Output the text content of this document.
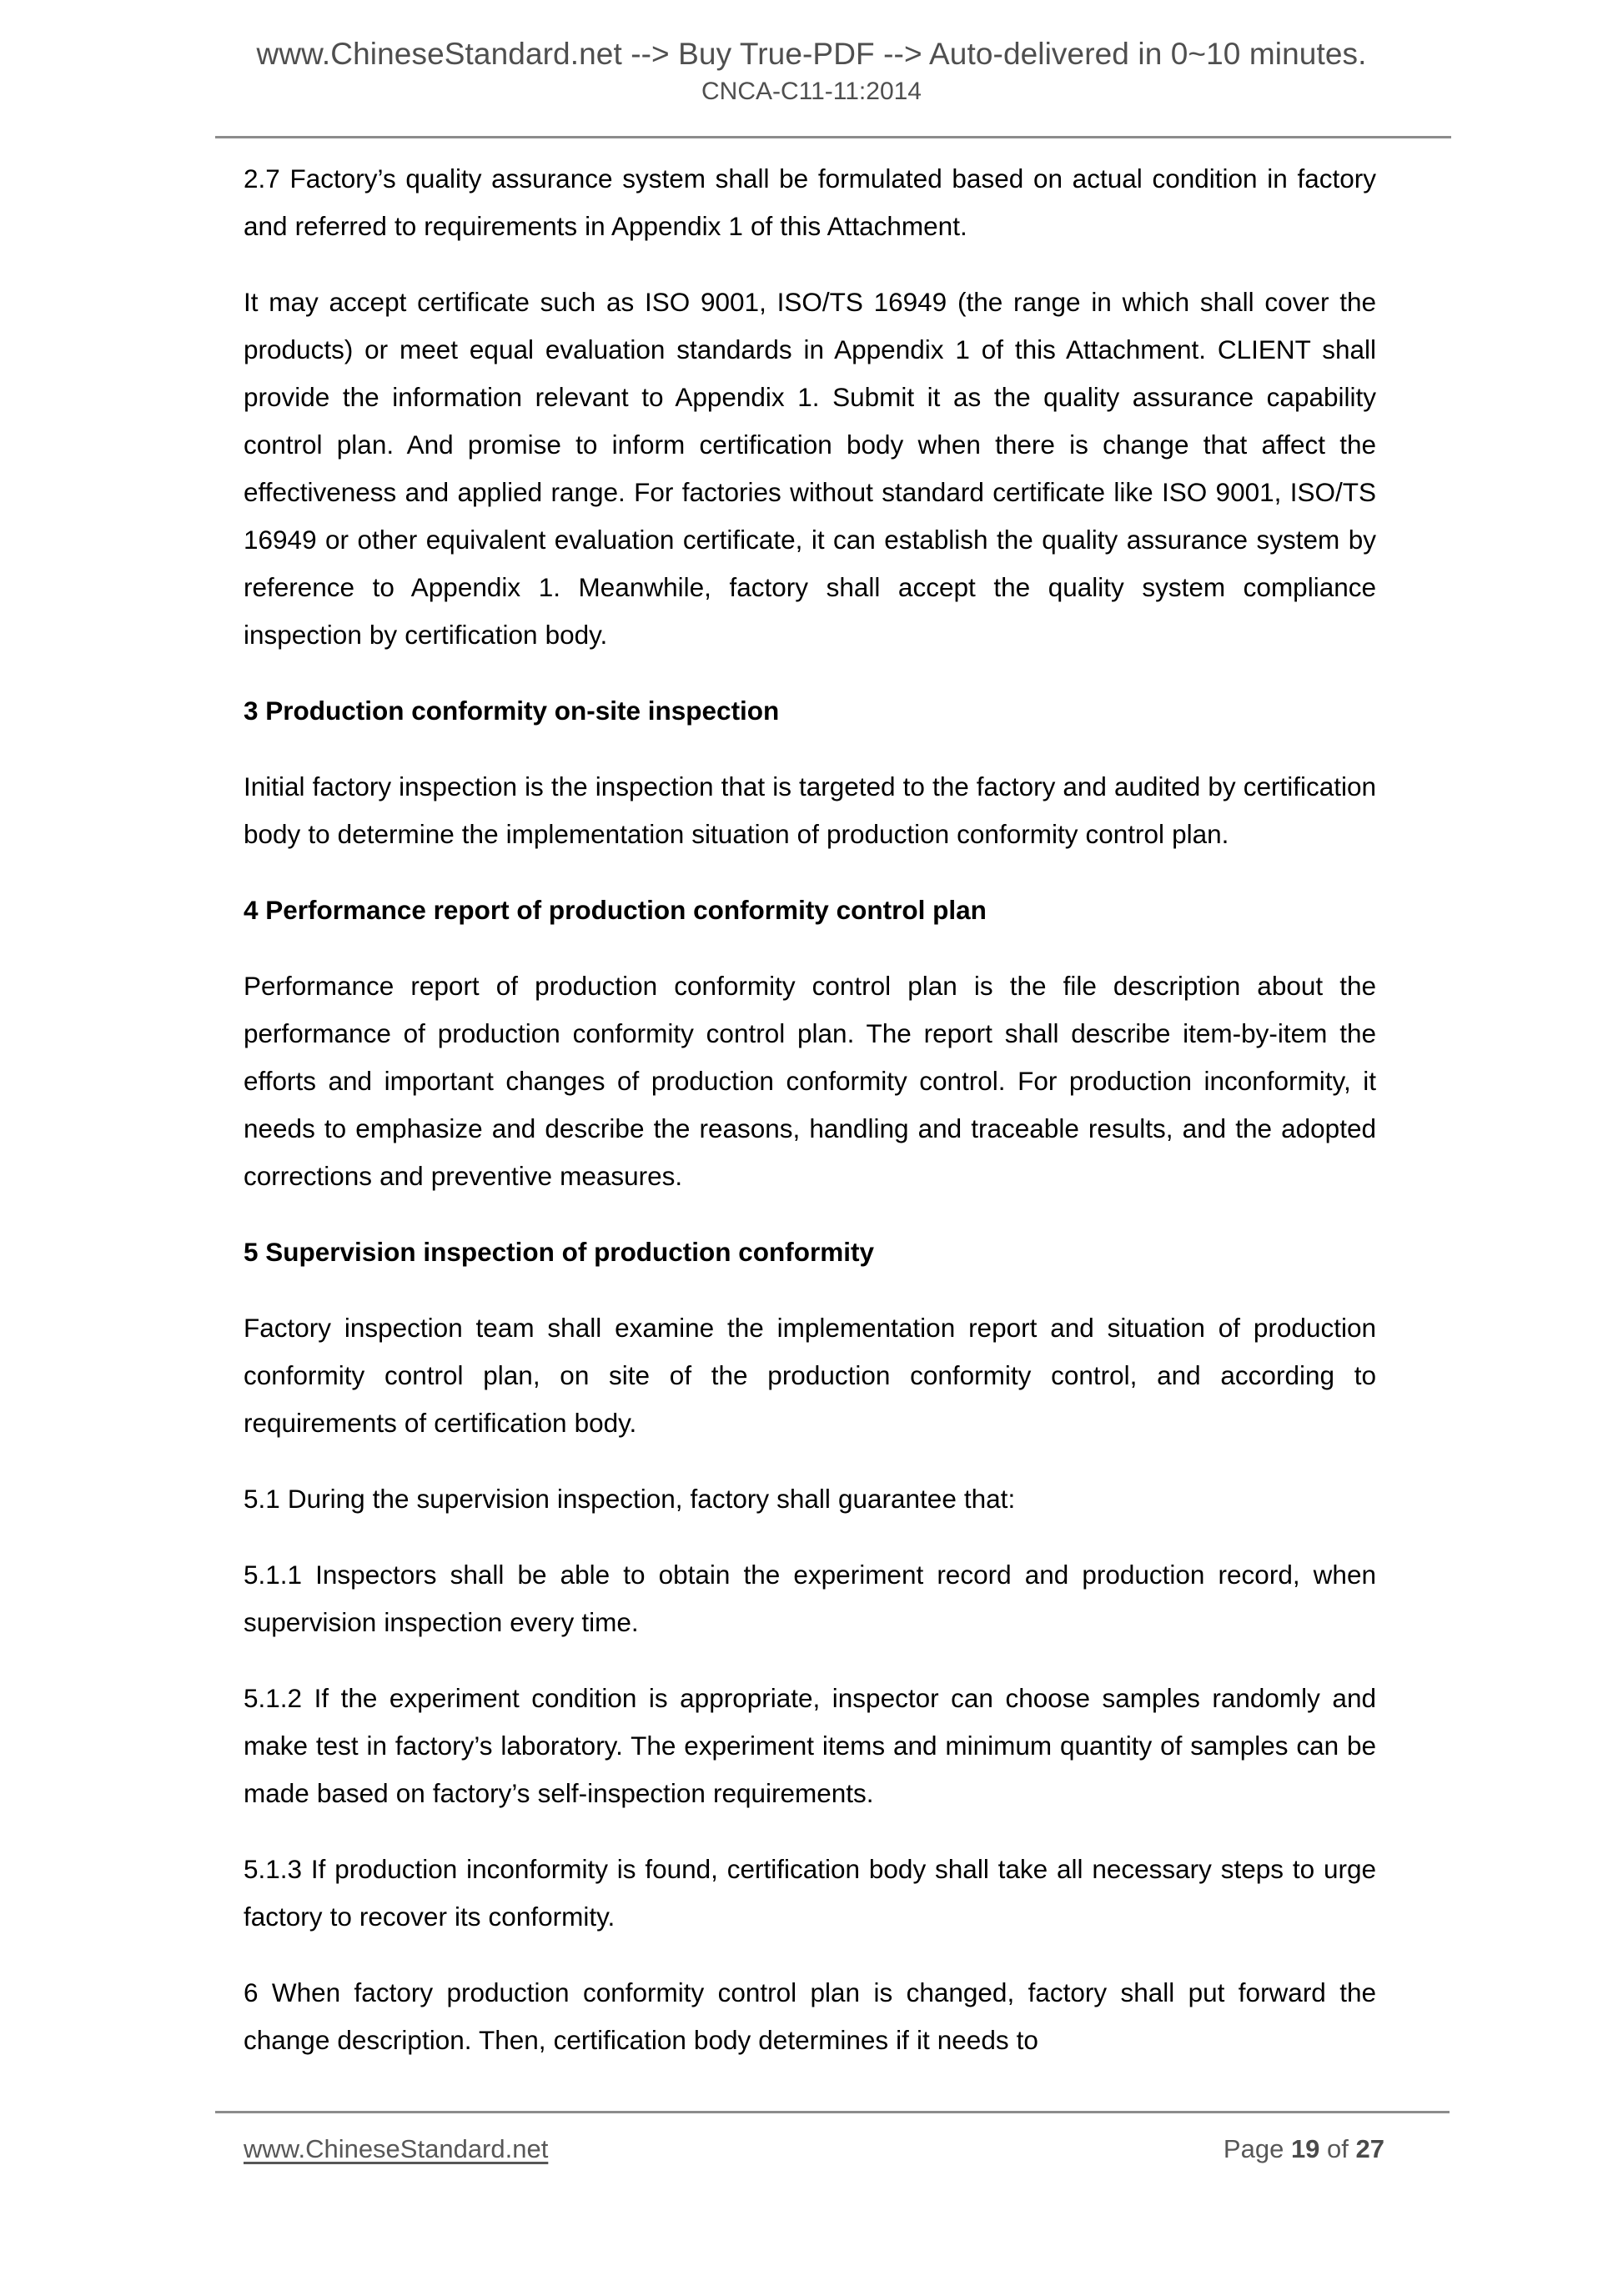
www.ChineseStandard.net --> Buy True-PDF --> Auto-delivered in 0~10 minutes.
CNCA-C11-11:2014
2.7 Factory’s quality assurance system shall be formulated based on actual condition in factory and referred to requirements in Appendix 1 of this Attachment.
It may accept certificate such as ISO 9001, ISO/TS 16949 (the range in which shall cover the products) or meet equal evaluation standards in Appendix 1 of this Attachment. CLIENT shall provide the information relevant to Appendix 1. Submit it as the quality assurance capability control plan. And promise to inform certification body when there is change that affect the effectiveness and applied range. For factories without standard certificate like ISO 9001, ISO/TS 16949 or other equivalent evaluation certificate, it can establish the quality assurance system by reference to Appendix 1. Meanwhile, factory shall accept the quality system compliance inspection by certification body.
3 Production conformity on-site inspection
Initial factory inspection is the inspection that is targeted to the factory and audited by certification body to determine the implementation situation of production conformity control plan.
4 Performance report of production conformity control plan
Performance report of production conformity control plan is the file description about the performance of production conformity control plan. The report shall describe item-by-item the efforts and important changes of production conformity control. For production inconformity, it needs to emphasize and describe the reasons, handling and traceable results, and the adopted corrections and preventive measures.
5 Supervision inspection of production conformity
Factory inspection team shall examine the implementation report and situation of production conformity control plan, on site of the production conformity control, and according to requirements of certification body.
5.1 During the supervision inspection, factory shall guarantee that:
5.1.1 Inspectors shall be able to obtain the experiment record and production record, when supervision inspection every time.
5.1.2 If the experiment condition is appropriate, inspector can choose samples randomly and make test in factory’s laboratory. The experiment items and minimum quantity of samples can be made based on factory’s self-inspection requirements.
5.1.3 If production inconformity is found, certification body shall take all necessary steps to urge factory to recover its conformity.
6 When factory production conformity control plan is changed, factory shall put forward the change description. Then, certification body determines if it needs to
www.ChineseStandard.net	Page 19 of 27
